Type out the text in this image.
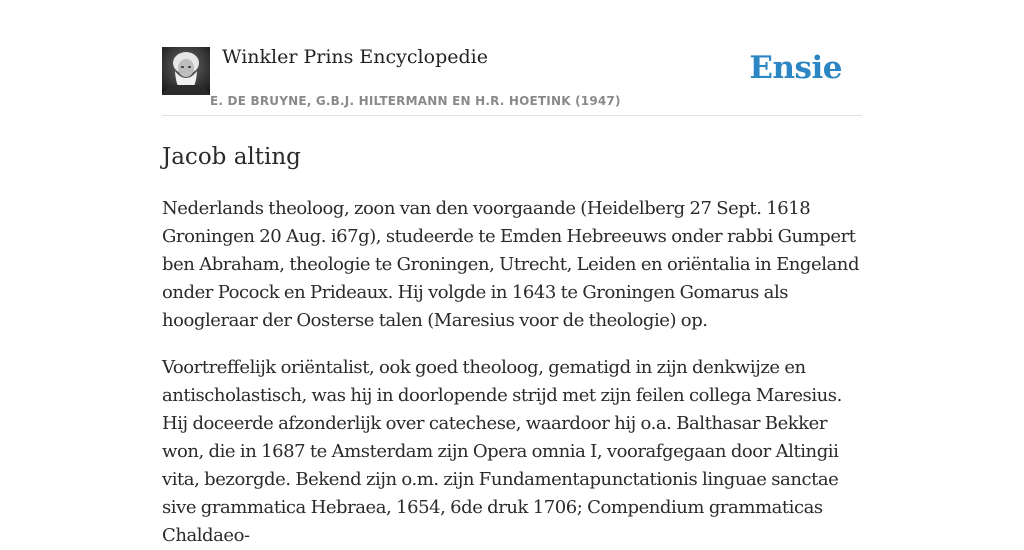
Winkler Prins Encyclopedie
E. DE BRUYNE, G.B.J. HILTERMANN EN H.R. HOETINK (1947)
Ensie
Jacob alting

Nederlands theoloog, zoon van den voorgaande (Heidelberg 27 Sept. 1618 Groningen 20 Aug. i67g), studeerde te Emden Hebreeuws onder rabbi Gumpert ben Abraham, theologie te Groningen, Utrecht, Leiden en oriëntalia in Engeland onder Pocock en Prideaux. Hij volgde in 1643 te Groningen Gomarus als hoogleraar der Oosterse talen (Maresius voor de theologie) op.

Voortreffelijk oriëntalist, ook goed theoloog, gematigd in zijn denkwijze en antischolastisch, was hij in doorlopende strijd met zijn feilen collega Maresius. Hij doceerde afzonderlijk over catechese, waardoor hij o.a. Balthasar Bekker won, die in 1687 te Amsterdam zijn Opera omnia I, voorafgegaan door Altingii vita, bezorgde. Bekend zijn o.m. zijn Fundamentapunctationis linguae sanctae sive grammatica Hebraea, 1654, 6de druk 1706; Compendium grammaticas Chaldaeo-
